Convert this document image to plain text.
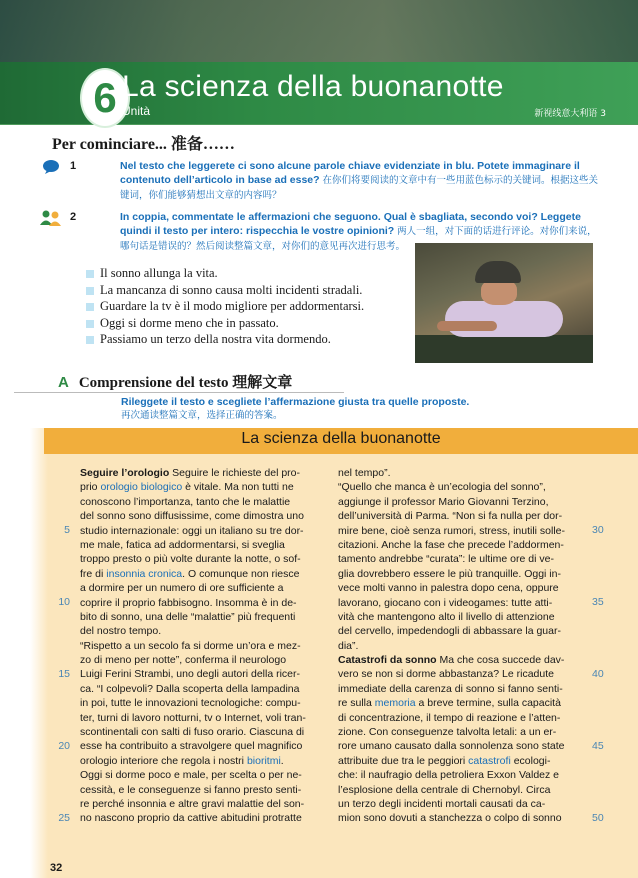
6 La scienza della buonanotte
Unità	新视线意大利语 3
Per cominciare... 准备……
1	Nel testo che leggerete ci sono alcune parole chiave evidenziate in blu. Potete immaginare il contenuto dell’articolo in base ad esse? 在你们将要阅读的文章中有一些用蓝色标示的关键词。根据这些关键词，你们能够猜想出文章的内容吗？
2	In coppia, commentate le affermazioni che seguono. Qual è sbagliata, secondo voi? Leggete quindi il testo per intero: rispecchia le vostre opinioni? 两人一组，对下面的话进行评论。对你们来说，哪句话是错误的？然后阅读整篇文章，对你们的意见再次进行思考。
Il sonno allunga la vita.
La mancanza di sonno causa molti incidenti stradali.
Guardare la tv è il modo migliore per addormentarsi.
Oggi si dorme meno che in passato.
Passiamo un terzo della nostra vita dormendo.
A Comprensione del testo 理解文章
Rileggete il testo e scegliete l’affermazione giusta tra quelle proposte.
再次通读整篇文章，选择正确的答案。
La scienza della buonanotte
Seguire l’orologio Seguire le richieste del pro-
prio orologio biologico è vitale. Ma non tutti ne
conoscono l’importanza, tanto che le malattie
del sonno sono diffusissime, come dimostra uno
studio internazionale: oggi un italiano su tre dor-
me male, fatica ad addormentarsi, si sveglia
troppo presto o più volte durante la notte, o sof-
fre di insonnia cronica. O comunque non riesce
a dormire per un numero di ore sufficiente a
coprire il proprio fabbisogno. Insomma è in de-
bito di sonno, una delle “malattie” più frequenti
del nostro tempo.
“Rispetto a un secolo fa si dorme un’ora e mez-
zo di meno per notte”, conferma il neurologo
Luigi Ferini Strambi, uno degli autori della ricer-
ca. “I colpevoli? Dalla scoperta della lampadina
in poi, tutte le innovazioni tecnologiche: compu-
ter, turni di lavoro notturni, tv o Internet, voli tran-
scontinentali con salti di fuso orario. Ciascuna di
esse ha contribuito a stravolgere quel magnifico
orologio interiore che regola i nostri bioritmi.
Oggi si dorme poco e male, per scelta o per ne-
cessità, e le conseguenze si fanno presto senti-
re perché insonnia e altre gravi malattie del son-
no nascono proprio da cattive abitudini protratte
nel tempo”.
“Quello che manca è un’ecologia del sonno”,
aggiunge il professor Mario Giovanni Terzino,
dell’università di Parma. “Non si fa nulla per dor-
mire bene, cioè senza rumori, stress, inutili solle-
citazioni. Anche la fase che precede l’addormen-
tamento andrebbe “curata”: le ultime ore di ve-
glia dovrebbero essere le più tranquille. Oggi in-
vece molti vanno in palestra dopo cena, oppure
lavorano, giocano con i videogames: tutte atti-
vità che mantengono alto il livello di attenzione
del cervello, impedendogli di abbassare la guar-
dia”.
Catastrofi da sonno Ma che cosa succede dav-
vero se non si dorme abbastanza? Le ricadute
immediate della carenza di sonno si fanno senti-
re sulla memoria a breve termine, sulla capacità
di concentrazione, il tempo di reazione e l’atten-
zione. Con conseguenze talvolta letali: a un er-
rore umano causato dalla sonnolenza sono state
attribuite due tra le peggiori catastrofi ecologi-
che: il naufragio della petroliera Exxon Valdez e
l’esplosione della centrale di Chernobyl. Circa
un terzo degli incidenti mortali causati da ca-
mion sono dovuti a stanchezza o colpo di sonno
5
10
15
20
25
30
35
40
45
50
32
